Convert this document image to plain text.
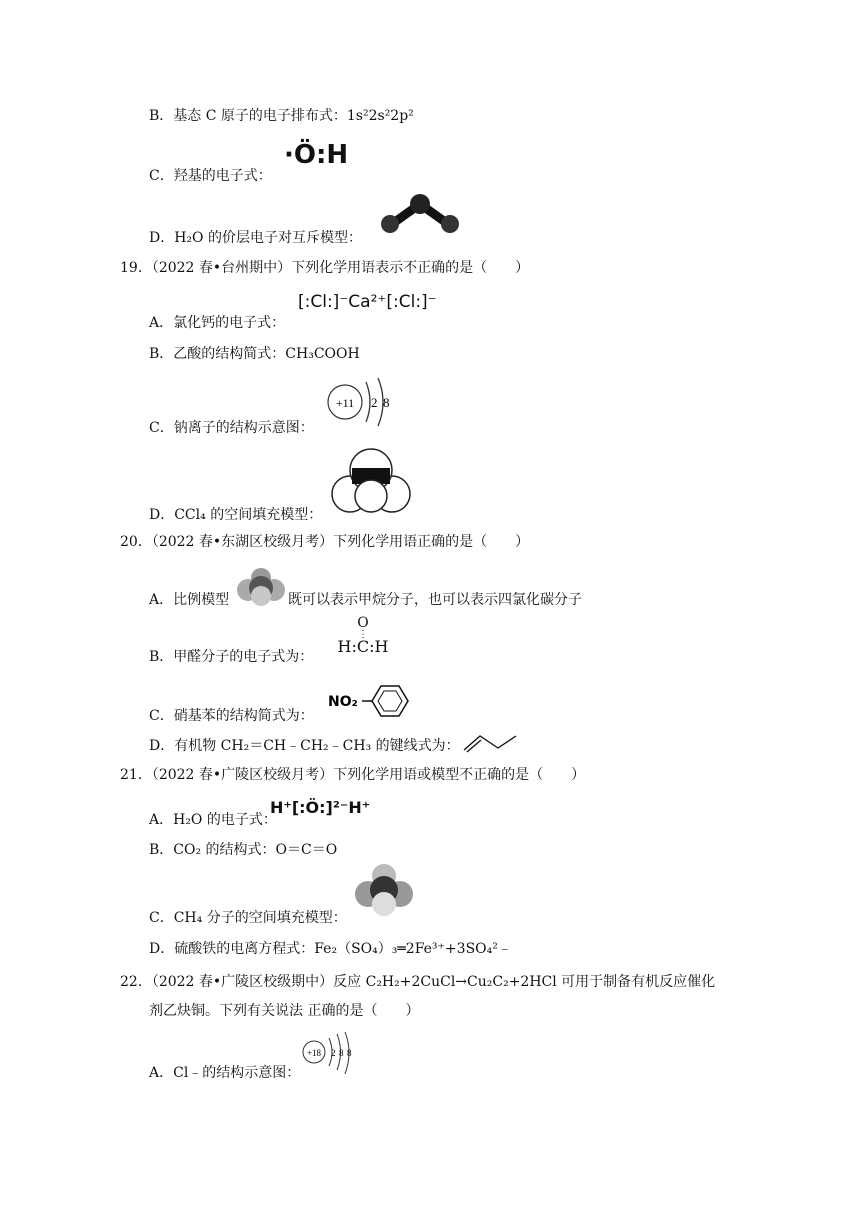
B．基态 C 原子的电子排布式：1s²2s²2p²
C．羟基的电子式：
·Ö:H
D．H₂O 的价层电子对互斥模型：
19．（2022 春•台州期中）下列化学用语表示不正确的是（　　）
A．氯化钙的电子式：
[:Cl:]⁻Ca²⁺[:Cl:]⁻
B．乙酸的结构简式：CH₃COOH
C．钠离子的结构示意图：
+11 2 8
D．CCl₄ 的空间填充模型：
20．（2022 春•东湖区校级月考）下列化学用语正确的是（　　）
A．比例模型	既可以表示甲烷分子，也可以表示四氯化碳分子
B．甲醛分子的电子式为：
O
⋮
H:C:H
C．硝基苯的结构简式为：
NO₂
D．有机物 CH₂＝CH﹣CH₂﹣CH₃ 的键线式为：
21．（2022 春•广陵区校级月考）下列化学用语或模型不正确的是（　　）
A．H₂O 的电子式：
H⁺[:Ö:]²⁻H⁺
B．CO₂ 的结构式：O＝C＝O
C．CH₄ 分子的空间填充模型：
D．硫酸铁的电离方程式：Fe₂（SO₄）₃═2Fe³⁺+3SO₄²﹣
22．（2022 春•广陵区校级期中）反应 C₂H₂+2CuCl→Cu₂C₂+2HCl 可用于制备有机反应催化
剂乙炔铜。下列有关说法 正确的是（　　）
A．Cl﹣的结构示意图：
+18 2 8 8
